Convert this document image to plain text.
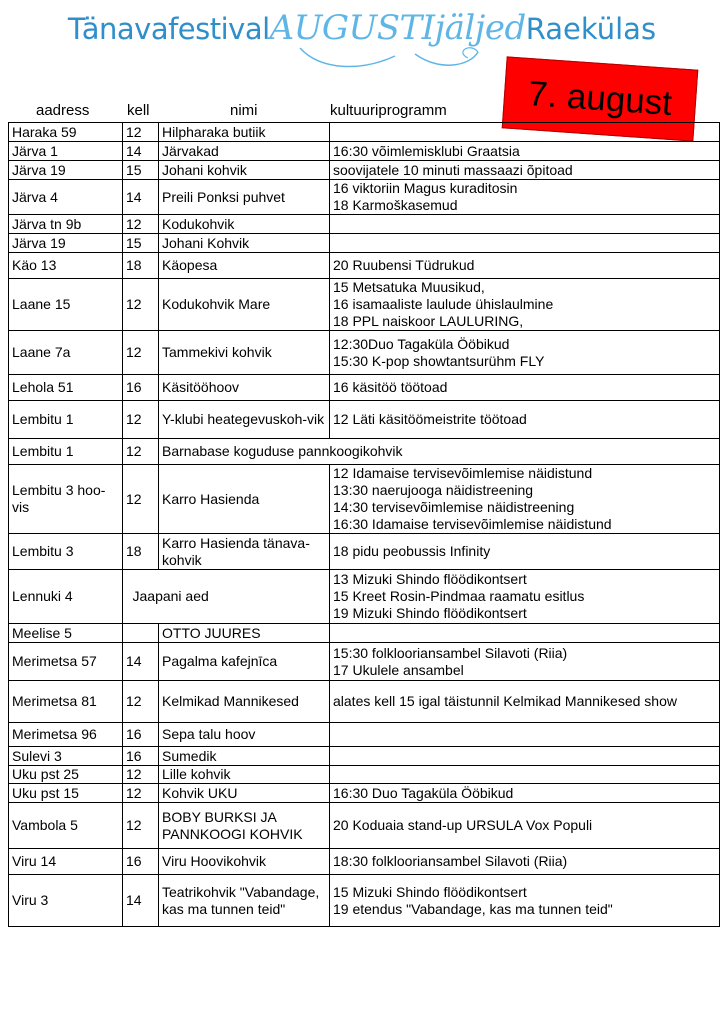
TänavafestivalAUGUSTIjäljedRaekülas
7. august
aadress	kell	nimi	kultuuriprogramm
Haraka 59	12	Hilpharaka butiik	
Järva 1	14	Järvakad	16:30 võimlemisklubi Graatsia

Järva 19	15	Johani kohvik	soovijatele 10 minuti massaazi õpitoad

Järva 4	14	Preili Ponksi puhvet	16 viktoriin Magus kuraditosin
18 Karmoškasemud

Järva tn 9b	12	Kodukohvik	
Järva 19	15	Johani Kohvik	
Käo 13	18	Käopesa	20 Ruubensi Tüdrukud

Laane 15	12	Kodukohvik Mare	15 Metsatuka Muusikud,
16 isamaaliste laulude ühislaulmine
18 PPL naiskoor LAULURING,

Laane 7a	12	Tammekivi kohvik	12:30Duo Tagaküla Ööbikud
15:30 K-pop showtantsurühm FLY

Lehola 51	16	Käsitööhoov	16 käsitöö töötoad

Lembitu 1	12	Y-klubi heategevuskoh-vik	12 Läti käsitöömeistrite töötoad

Lembitu 1	12	Barnabase koguduse pannkoogikohvik	
Lembitu 3 hoo-vis	12	Karro Hasienda	12 Idamaise tervisevõimlemise näidistund
13:30 naerujooga näidistreening
14:30 tervisevõimlemise näidistreening
16:30 Idamaise tervisevõimlemise näidistund

Lembitu 3	18	Karro Hasienda tänava-kohvik	18 pidu peobussis Infinity

Lennuki 4		Jaapani aed	13 Mizuki Shindo flöödikontsert
15 Kreet Rosin-Pindmaa raamatu esitlus
19 Mizuki Shindo flöödikontsert

Meelise 5		OTTO JUURES	
Merimetsa 57	14	Pagalma kafejnīca	15:30 folklooriansambel Silavoti (Riia)
17 Ukulele ansambel

Merimetsa 81	12	Kelmikad Mannikesed	alates kell 15 igal täistunnil Kelmikad Mannikesed show

Merimetsa 96	16	Sepa talu hoov	
Sulevi 3	16	Sumedik	
Uku pst 25	12	Lille kohvik	
Uku pst 15	12	Kohvik UKU	16:30 Duo Tagaküla Ööbikud

Vambola 5	12	BOBY BURKSI JA PANNKOOGI KOHVIK	20 Koduaia stand-up URSULA Vox Populi

Viru 14	16	Viru Hoovikohvik	18:30 folklooriansambel Silavoti (Riia)

Viru 3	14	Teatrikohvik "Vabandage, kas ma tunnen teid"	15 Mizuki Shindo flöödikontsert
19 etendus "Vabandage, kas ma tunnen teid"
